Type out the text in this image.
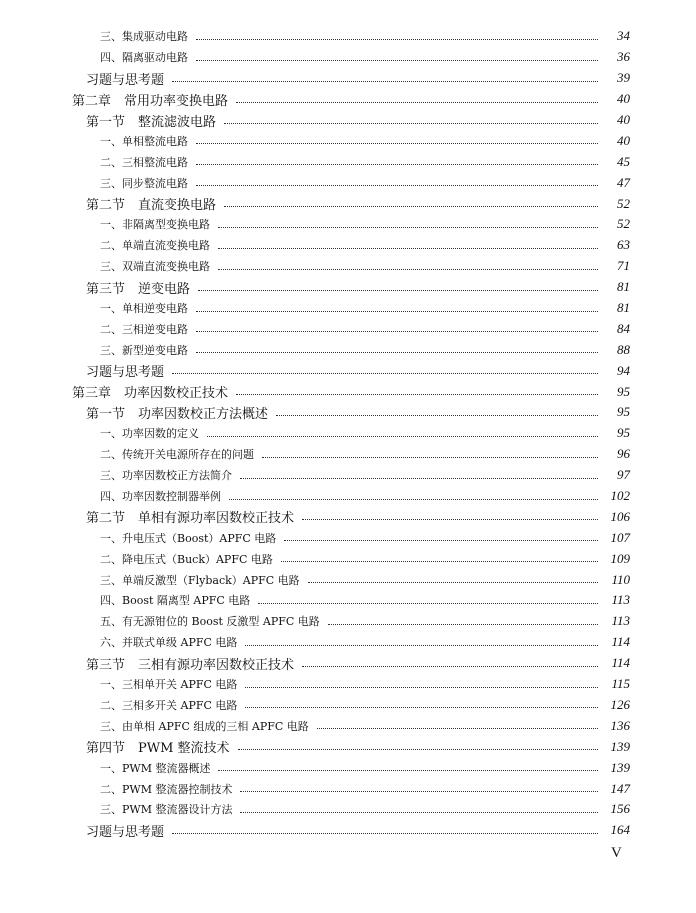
三、集成驱动电路	34
四、隔离驱动电路	36
习题与思考题	39
第二章　常用功率变换电路	40
第一节　整流滤波电路	40
一、单相整流电路	40
二、三相整流电路	45
三、同步整流电路	47
第二节　直流变换电路	52
一、非隔离型变换电路	52
二、单端直流变换电路	63
三、双端直流变换电路	71
第三节　逆变电路	81
一、单相逆变电路	81
二、三相逆变电路	84
三、新型逆变电路	88
习题与思考题	94
第三章　功率因数校正技术	95
第一节　功率因数校正方法概述	95
一、功率因数的定义	95
二、传统开关电源所存在的问题	96
三、功率因数校正方法简介	97
四、功率因数控制器举例	102
第二节　单相有源功率因数校正技术	106
一、升电压式（Boost）APFC 电路	107
二、降电压式（Buck）APFC 电路	109
三、单端反激型（Flyback）APFC 电路	110
四、Boost 隔离型 APFC 电路	113
五、有无源钳位的 Boost 反激型 APFC 电路	113
六、并联式单级 APFC 电路	114
第三节　三相有源功率因数校正技术	114
一、三相单开关 APFC 电路	115
二、三相多开关 APFC 电路	126
三、由单相 APFC 组成的三相 APFC 电路	136
第四节　PWM 整流技术	139
一、PWM 整流器概述	139
二、PWM 整流器控制技术	147
三、PWM 整流器设计方法	156
习题与思考题	164
V
